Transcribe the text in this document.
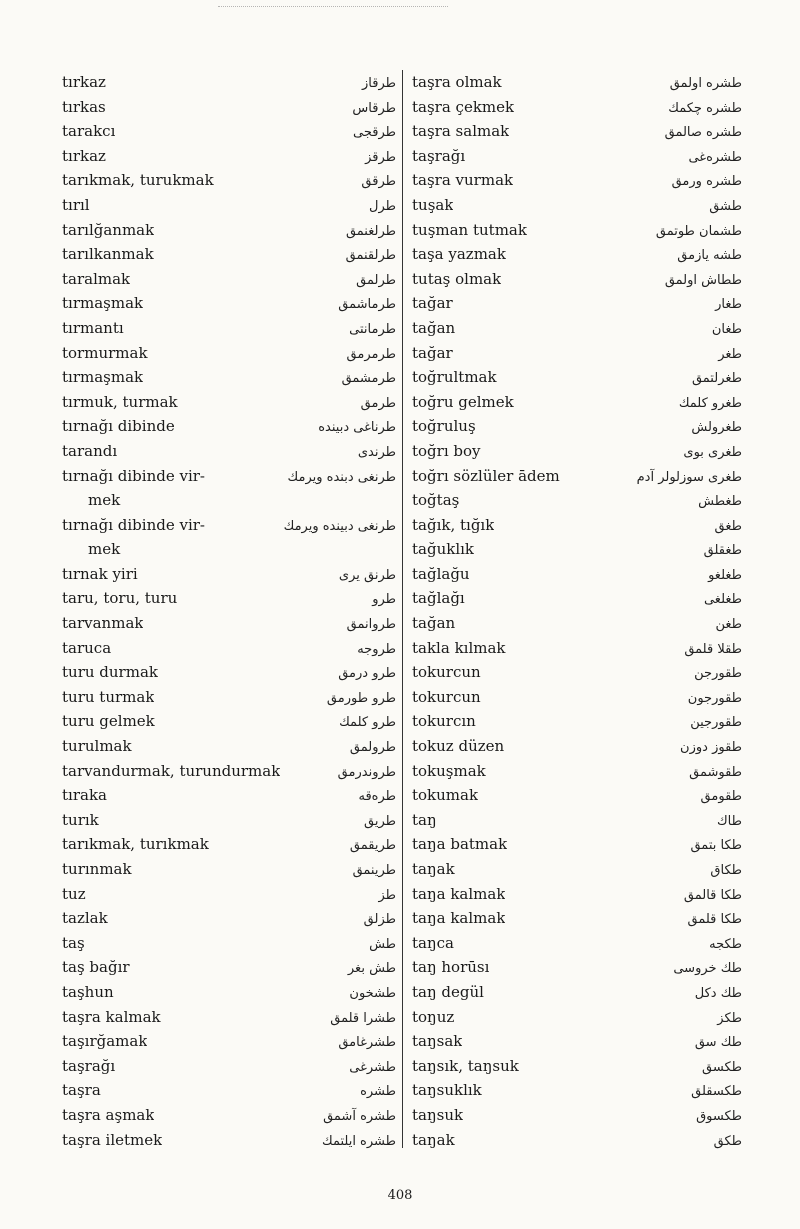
tırkaz	طرقاز
tırkas	طرقاس
tarakcı	طرقجى
tırkaz	طرقز
tarıkmak, turukmak	طرقق
tırıl	طرل
tarılğanmak	طرلغنمق
tarılkanmak	طرلقنمق
taralmak	طرلمق
tırmaşmak	طرماشمق
tırmantı	طرمانتى
tormurmak	طرمرمق
tırmaşmak	طرمشمق
tırmuk, turmak	طرمق
tırnağı dibinde	طرناغى دبينده
tarandı	طرندى
tırnağı dibinde vir-	طرنغى دبنده ويرمك
mek
tırnağı dibinde vir-	طرنغى دبينده ويرمك
mek
tırnak yiri	طرنق يرى
taru, toru, turu	طرو
tarvanmak	طروانمق
taruca	طروجه
turu durmak	طرو درمق
turu turmak	طرو طورمق
turu gelmek	طرو كلمك
turulmak	طرولمق
tarvandurmak, turundurmak	طروندرمق
tıraka	طرەقه
turık	طريق
tarıkmak, turıkmak	طريقمق
turınmak	طرينمق
tuz	طز
tazlak	طزلق
taş	طش
taş bağır	طش بغر
taşhun	طشخون
taşra kalmak	طشرا قلمق
taşırğamak	طشرغامق
taşrağı	طشرغى
taşra	طشره
taşra aşmak	طشره آشمق
taşra iletmek	طشره ايلتمك
taşra olmak	طشره اولمق
taşra çekmek	طشره چكمك
taşra salmak	طشره صالمق
taşrağı	طشرەغى
taşra vurmak	طشره ورمق
tuşak	طشق
tuşman tutmak	طشمان طوتمق
taşa yazmak	طشه يازمق
tutaş olmak	ططاش اولمق
tağar	طغار
tağan	طغان
tağar	طغر
toğrultmak	طغرلتمق
toğru gelmek	طغرو كلمك
toğruluş	طغرولش
toğrı boy	طغرى بوى
toğrı sözlüler ādem	طغرى سوزلولر آدم
toğtaş	طغطش
tağık, tığık	طغق
tağuklık	طغقلق
tağlağu	طغلغو
tağlağı	طغلغى
tağan	طغن
takla kılmak	طقلا قلمق
tokurcun	طقورجن
tokurcun	طقورجون
tokurcın	طقورجين
tokuz düzen	طقوز دوزن
tokuşmak	طقوشمق
tokumak	طقومق
taŋ	طاك
taŋa batmak	طكا بتمق
taŋak	طكاق
taŋa kalmak	طكا قالمق
taŋa kalmak	طكا قلمق
taŋca	طكجه
taŋ horūsı	طك خروسى
taŋ degül	طك دكل
toŋuz	طكز
taŋsak	طك سق
taŋsık, taŋsuk	طكسق
taŋsuklık	طكسقلق
taŋsuk	طكسوق
taŋak	طكق
408
